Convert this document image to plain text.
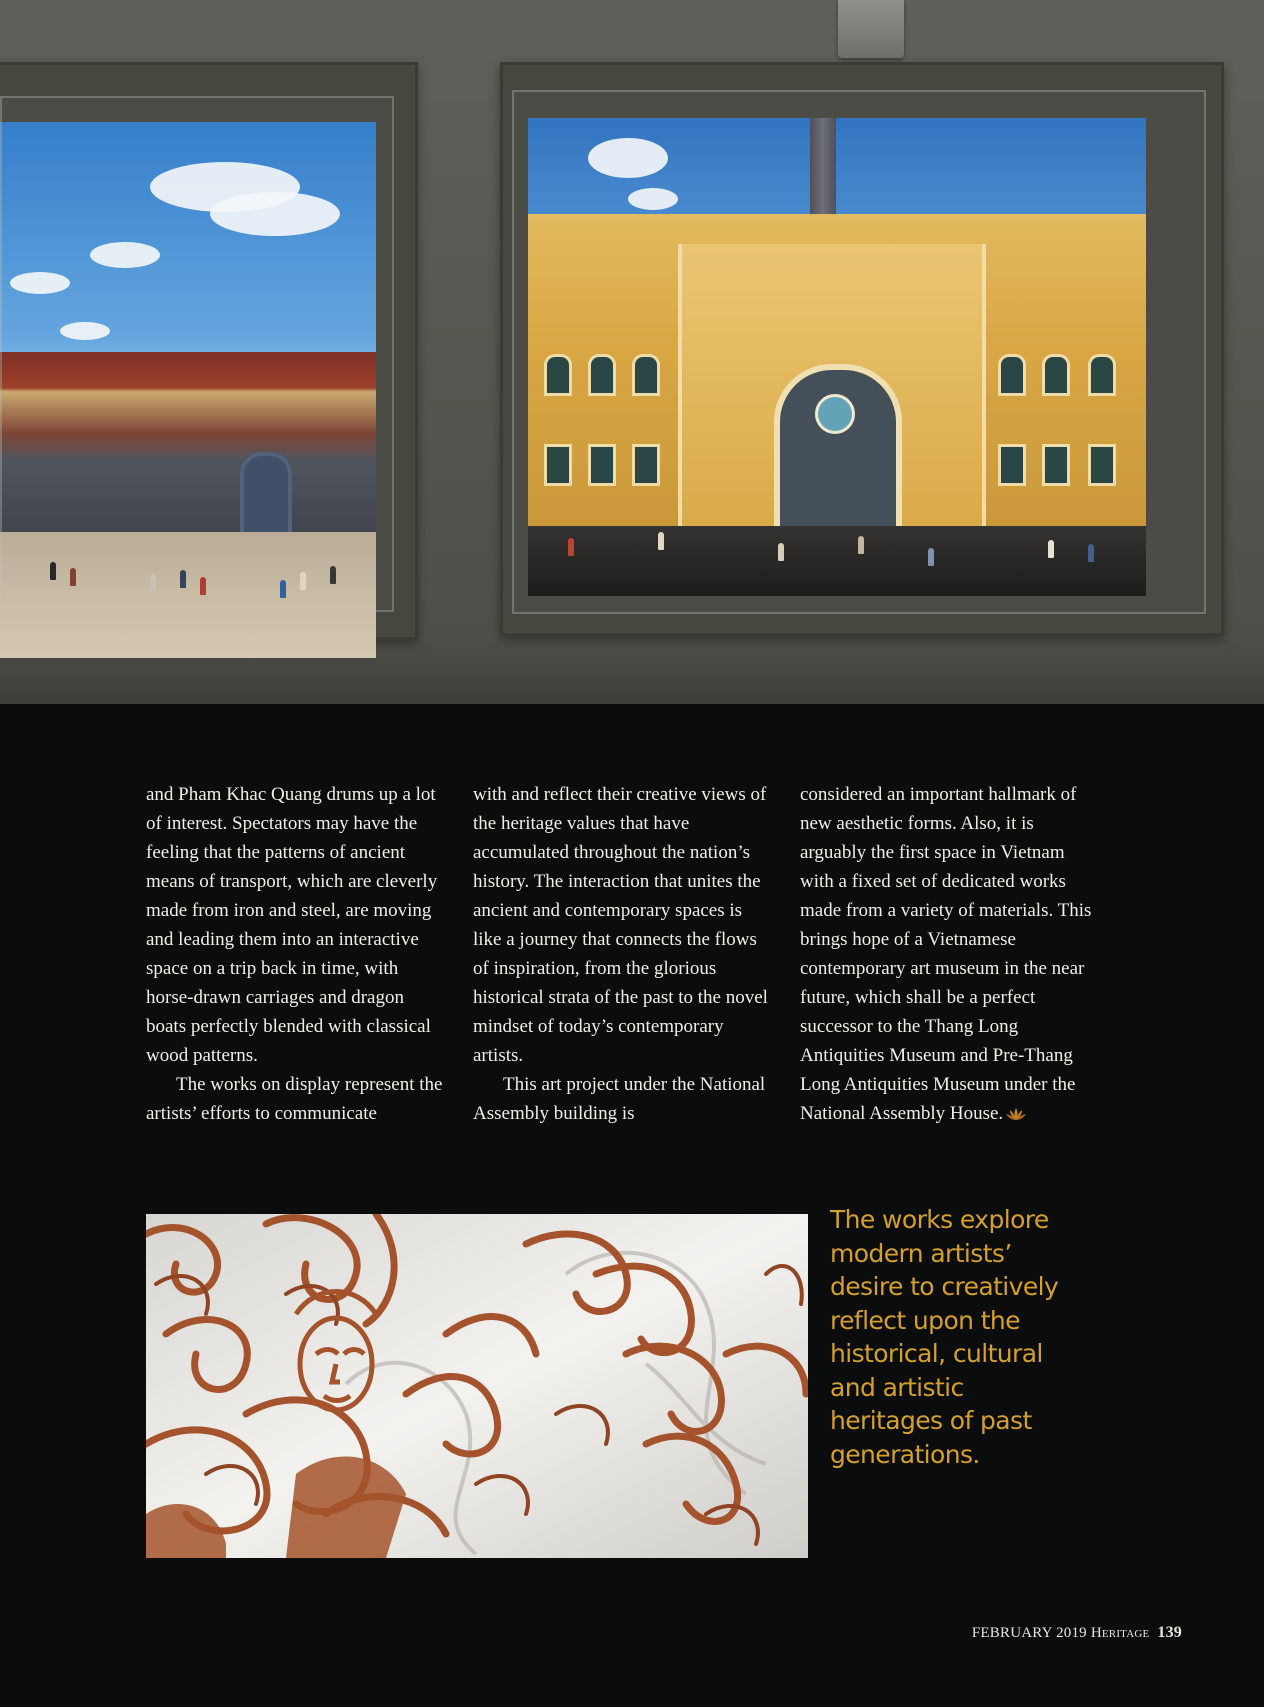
and Pham Khac Quang drums up a lot of interest. Spectators may have the feeling that the patterns of ancient means of transport, which are cleverly made from iron and steel, are moving and leading them into an interactive space on a trip back in time, with horse-drawn carriages and dragon boats perfectly blended with classical wood patterns.

The works on display represent the artists’ efforts to communicate

with and reflect their creative views of the heritage values that have accumulated throughout the nation’s history. The interaction that unites the ancient and contemporary spaces is like a journey that connects the flows of inspiration, from the glorious historical strata of the past to the novel mindset of today’s contemporary artists.

This art project under the National Assembly building is

considered an important hallmark of new aesthetic forms. Also, it is arguably the first space in Vietnam with a fixed set of dedicated works made from a variety of materials. This brings hope of a Vietnamese contemporary art museum in the near future, which shall be a perfect successor to the Thang Long Antiquities Museum and Pre-Thang Long Antiquities Museum under the National Assembly House.

The works explore
modern artists’
desire to creatively
reflect upon the
historical, cultural
and artistic
heritages of past
generations.
FEBRUARY 2019 Heritage 139
